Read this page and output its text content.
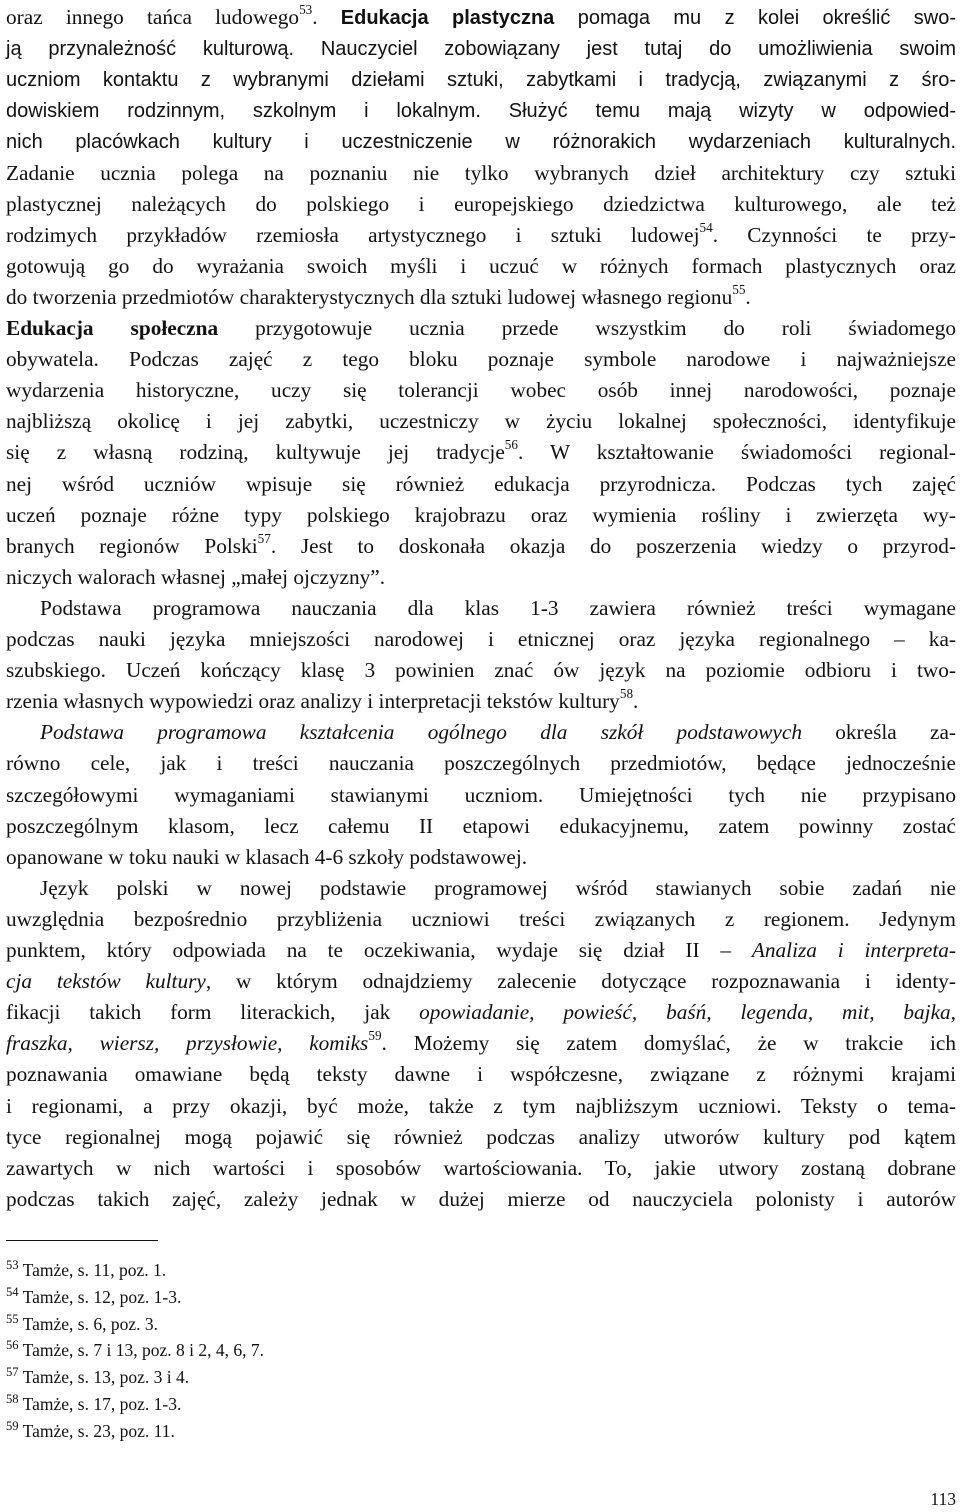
oraz innego tańca ludowego$^{53}$. Edukacja plastyczna pomaga mu z kolei określić swo-
ją przynależność kulturową. Nauczyciel zobowiązany jest tutaj do umożliwienia swoim
uczniom kontaktu z wybranymi dziełami sztuki, zabytkami i tradycją, związanymi z śro-
dowiskiem rodzinnym, szkolnym i lokalnym. Służyć temu mają wizyty w odpowied-
nich placówkach kultury i uczestniczenie w różnorakich wydarzeniach kulturalnych.
Zadanie ucznia polega na poznaniu nie tylko wybranych dzieł architektury czy sztuki
plastycznej należących do polskiego i europejskiego dziedzictwa kulturowego, ale też
rodzimych przykładów rzemiosła artystycznego i sztuki ludowej$^{54}$. Czynności te przy-
gotowują go do wyrażania swoich myśli i uczuć w różnych formach plastycznych oraz
do tworzenia przedmiotów charakterystycznych dla sztuki ludowej własnego regionu$^{55}$.
Edukacja społeczna przygotowuje ucznia przede wszystkim do roli świadomego
obywatela. Podczas zajęć z tego bloku poznaje symbole narodowe i najważniejsze
wydarzenia historyczne, uczy się tolerancji wobec osób innej narodowości, poznaje
najbliższą okolicę i jej zabytki, uczestniczy w życiu lokalnej społeczności, identyfikuje
się z własną rodziną, kultywuje jej tradycje$^{56}$. W kształtowanie świadomości regional-
nej wśród uczniów wpisuje się również edukacja przyrodnicza. Podczas tych zajęć
uczeń poznaje różne typy polskiego krajobrazu oraz wymienia rośliny i zwierzęta wy-
branych regionów Polski$^{57}$. Jest to doskonała okazja do poszerzenia wiedzy o przyrod-
niczych walorach własnej „małej ojczyzny”.
Podstawa programowa nauczania dla klas 1-3 zawiera również treści wymagane
podczas nauki języka mniejszości narodowej i etnicznej oraz języka regionalnego – ka-
szubskiego. Uczeń kończący klasę 3 powinien znać ów język na poziomie odbioru i two-
rzenia własnych wypowiedzi oraz analizy i interpretacji tekstów kultury$^{58}$.
Podstawa programowa kształcenia ogólnego dla szkół podstawowych określa za-
równo cele, jak i treści nauczania poszczególnych przedmiotów, będące jednocześnie
szczegółowymi wymaganiami stawianymi uczniom. Umiejętności tych nie przypisano
poszczególnym klasom, lecz całemu II etapowi edukacyjnemu, zatem powinny zostać
opanowane w toku nauki w klasach 4-6 szkoły podstawowej.
Język polski w nowej podstawie programowej wśród stawianych sobie zadań nie
uwzględnia bezpośrednio przybliżenia uczniowi treści związanych z regionem. Jedynym
punktem, który odpowiada na te oczekiwania, wydaje się dział II – Analiza i interpreta-
cja tekstów kultury, w którym odnajdziemy zalecenie dotyczące rozpoznawania i identy-
fikacji takich form literackich, jak opowiadanie, powieść, baśń, legenda, mit, bajka,
fraszka, wiersz, przysłowie, komiks$^{59}$. Możemy się zatem domyślać, że w trakcie ich
poznawania omawiane będą teksty dawne i współczesne, związane z różnymi krajami
i regionami, a przy okazji, być może, także z tym najbliższym uczniowi. Teksty o tema-
tyce regionalnej mogą pojawić się również podczas analizy utworów kultury pod kątem
zawartych w nich wartości i sposobów wartościowania. To, jakie utwory zostaną dobrane
podczas takich zajęć, zależy jednak w dużej mierze od nauczyciela polonisty i autorów
$^{53}$ Tamże, s. 11, poz. 1.
$^{54}$ Tamże, s. 12, poz. 1-3.
$^{55}$ Tamże, s. 6, poz. 3.
$^{56}$ Tamże, s. 7 i 13, poz. 8 i 2, 4, 6, 7.
$^{57}$ Tamże, s. 13, poz. 3 i 4.
$^{58}$ Tamże, s. 17, poz. 1-3.
$^{59}$ Tamże, s. 23, poz. 11.
113
